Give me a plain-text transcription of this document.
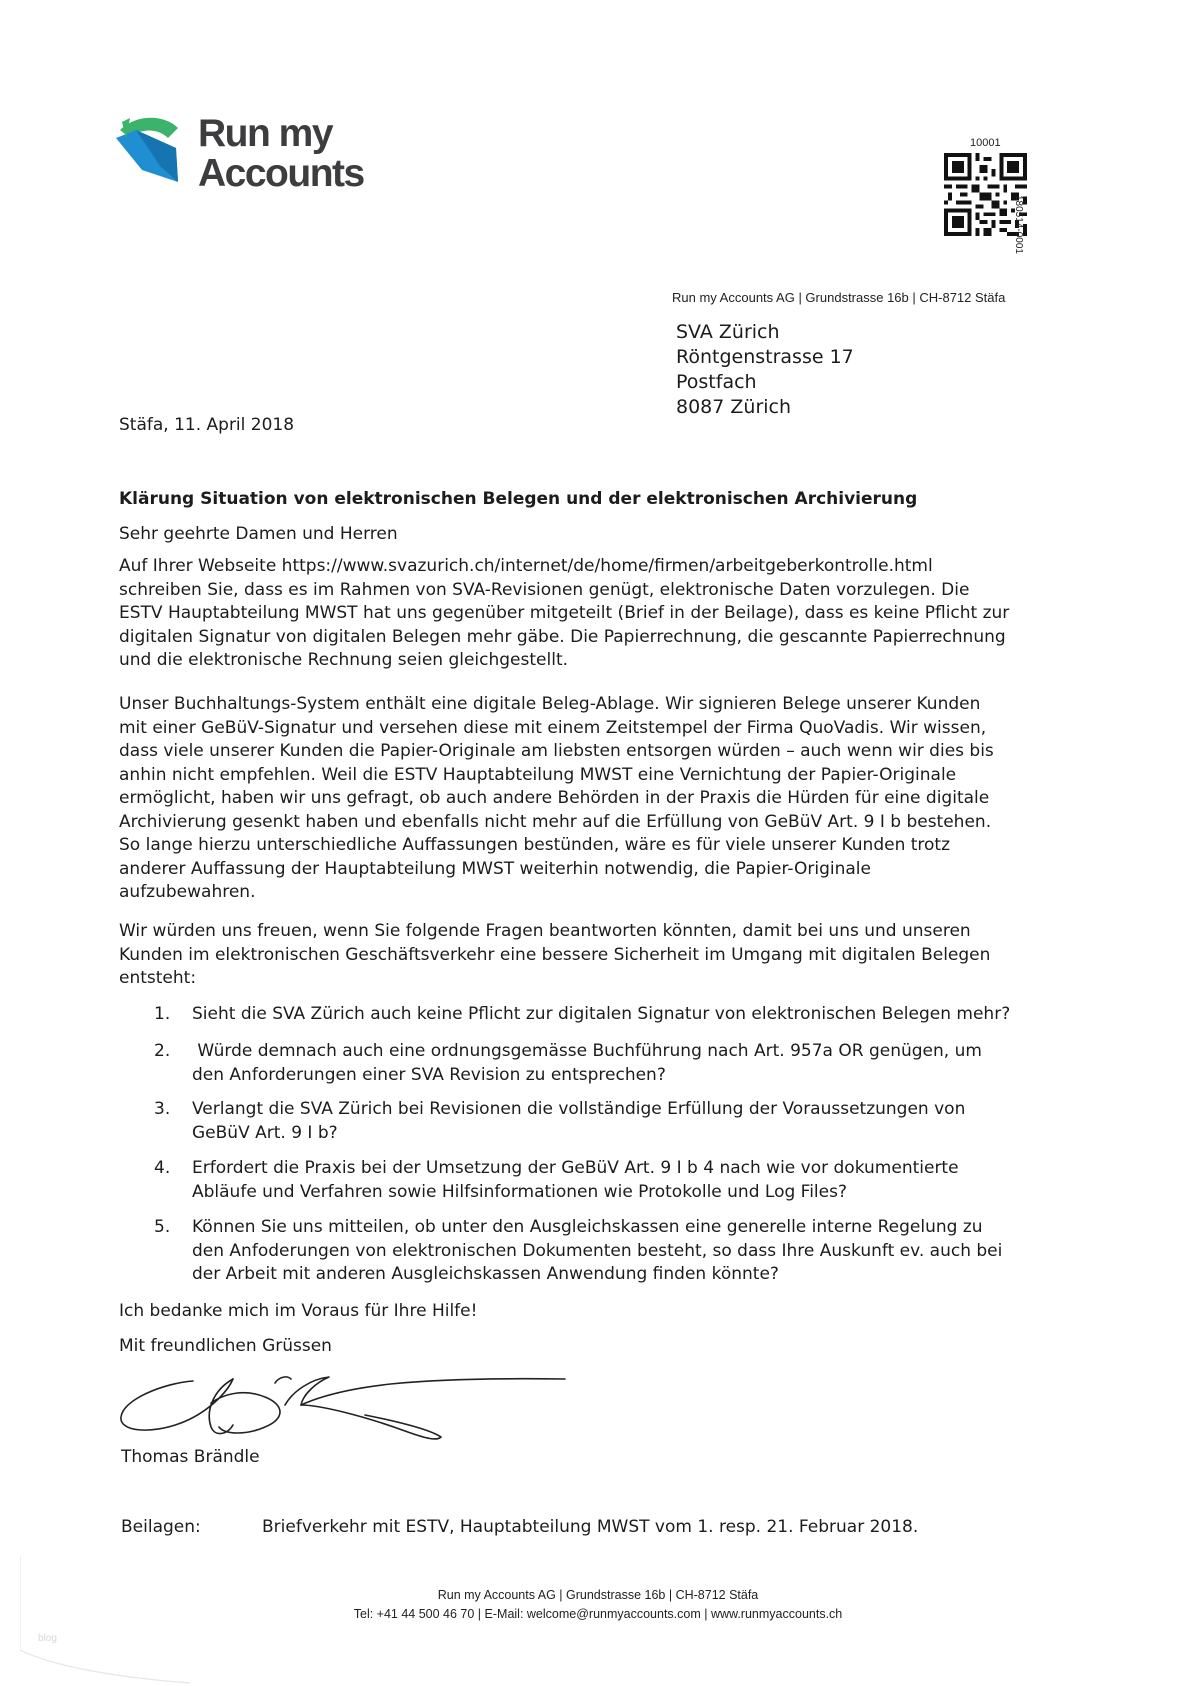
Run my
Accounts
10001
180514-0001
Run my Accounts AG | Grundstrasse 16b | CH-8712 Stäfa
SVA Zürich
Röntgenstrasse 17
Postfach
8087 Zürich
Stäfa, 11. April 2018
Klärung Situation von elektronischen Belegen und der elektronischen Archivierung
Sehr geehrte Damen und Herren
Auf Ihrer Webseite https://www.svazurich.ch/internet/de/home/firmen/arbeitgeberkontrolle.html
schreiben Sie, dass es im Rahmen von SVA-Revisionen genügt, elektronische Daten vorzulegen. Die
ESTV Hauptabteilung MWST hat uns gegenüber mitgeteilt (Brief in der Beilage), dass es keine Pflicht zur
digitalen Signatur von digitalen Belegen mehr gäbe. Die Papierrechnung, die gescannte Papierrechnung
und die elektronische Rechnung seien gleichgestellt.
Unser Buchhaltungs-System enthält eine digitale Beleg-Ablage. Wir signieren Belege unserer Kunden
mit einer GeBüV-Signatur und versehen diese mit einem Zeitstempel der Firma QuoVadis. Wir wissen,
dass viele unserer Kunden die Papier-Originale am liebsten entsorgen würden – auch wenn wir dies bis
anhin nicht empfehlen. Weil die ESTV Hauptabteilung MWST eine Vernichtung der Papier-Originale
ermöglicht, haben wir uns gefragt, ob auch andere Behörden in der Praxis die Hürden für eine digitale
Archivierung gesenkt haben und ebenfalls nicht mehr auf die Erfüllung von GeBüV Art. 9 I b bestehen.
So lange hierzu unterschiedliche Auffassungen bestünden, wäre es für viele unserer Kunden trotz
anderer Auffassung der Hauptabteilung MWST weiterhin notwendig, die Papier-Originale
aufzubewahren.
Wir würden uns freuen, wenn Sie folgende Fragen beantworten könnten, damit bei uns und unseren
Kunden im elektronischen Geschäftsverkehr eine bessere Sicherheit im Umgang mit digitalen Belegen
entsteht:
1. Sieht die SVA Zürich auch keine Pflicht zur digitalen Signatur von elektronischen Belegen mehr?
2. Würde demnach auch eine ordnungsgemässe Buchführung nach Art. 957a OR genügen, um
den Anforderungen einer SVA Revision zu entsprechen?
3. Verlangt die SVA Zürich bei Revisionen die vollständige Erfüllung der Voraussetzungen von
GeBüV Art. 9 I b?
4. Erfordert die Praxis bei der Umsetzung der GeBüV Art. 9 I b 4 nach wie vor dokumentierte
Abläufe und Verfahren sowie Hilfsinformationen wie Protokolle und Log Files?
5. Können Sie uns mitteilen, ob unter den Ausgleichskassen eine generelle interne Regelung zu
den Anfoderungen von elektronischen Dokumenten besteht, so dass Ihre Auskunft ev. auch bei
der Arbeit mit anderen Ausgleichskassen Anwendung finden könnte?
Ich bedanke mich im Voraus für Ihre Hilfe!
Mit freundlichen Grüssen
Thomas Brändle
Beilagen:	Briefverkehr mit ESTV, Hauptabteilung MWST vom 1. resp. 21. Februar 2018.
Run my Accounts AG | Grundstrasse 16b | CH-8712 Stäfa
Tel: +41 44 500 46 70 | E-Mail: welcome@runmyaccounts.com | www.runmyaccounts.ch
blog
